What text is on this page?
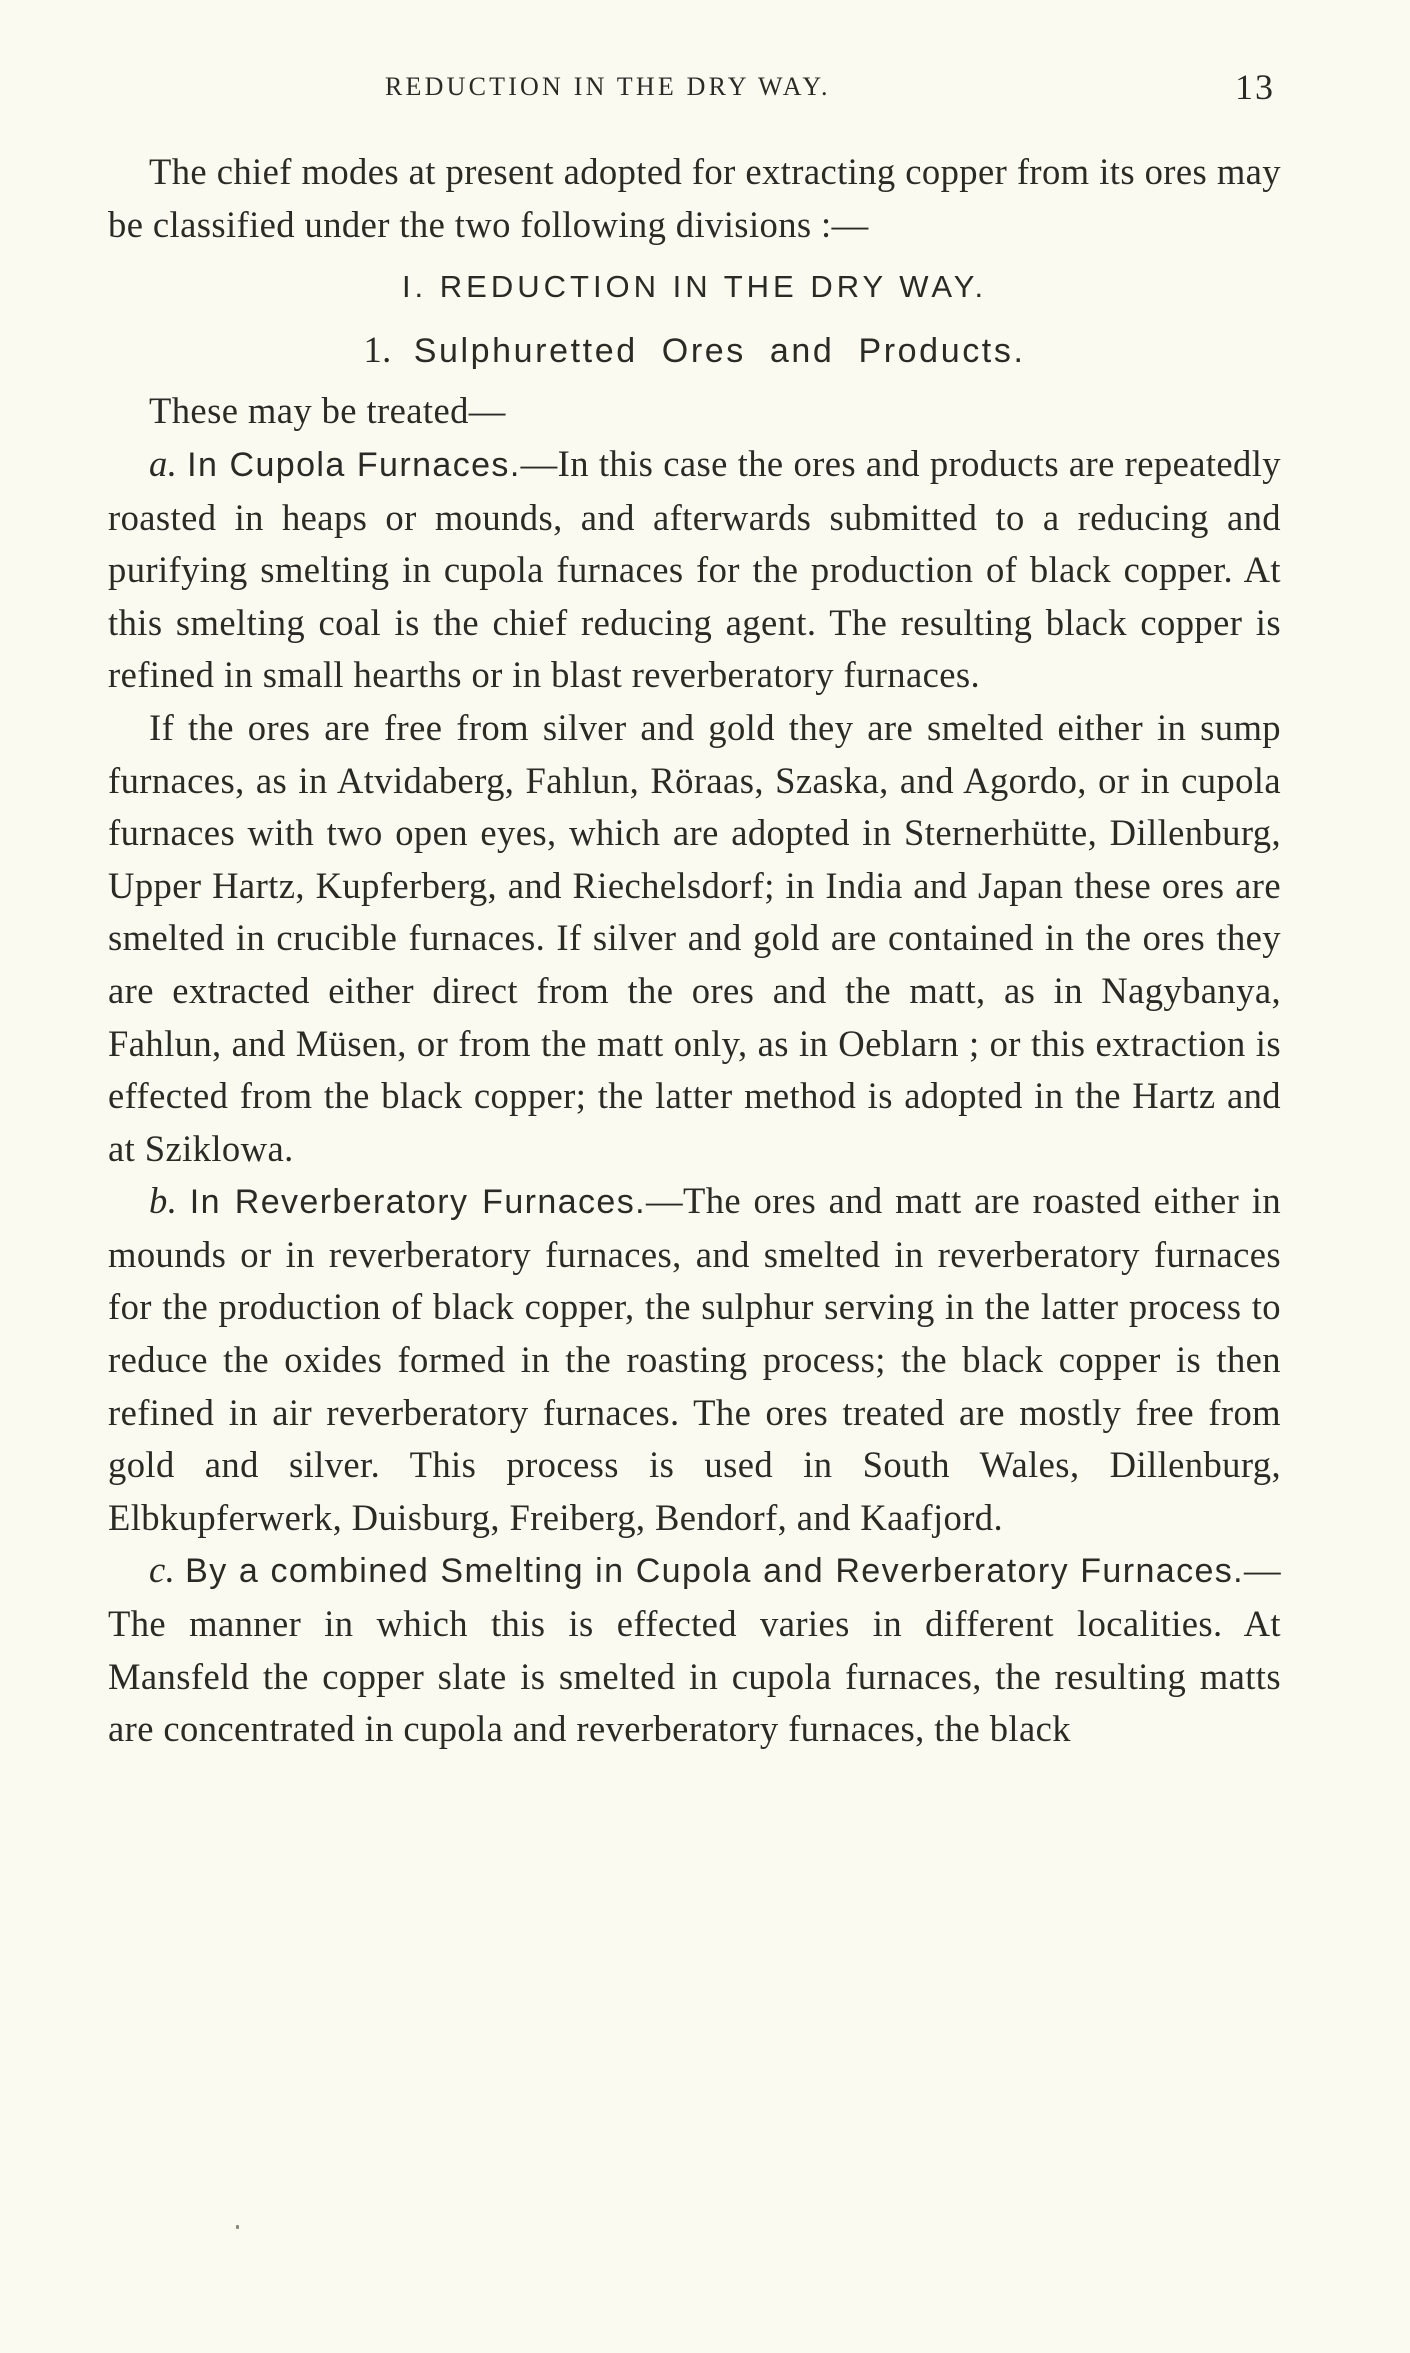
REDUCTION IN THE DRY WAY.	13

The chief modes at present adopted for extracting copper from its ores may be classified under the two following divisions :—

I. REDUCTION IN THE DRY WAY.
1. Sulphuretted Ores and Products.

These may be treated—

a. In Cupola Furnaces.—In this case the ores and products are repeatedly roasted in heaps or mounds, and afterwards submitted to a reducing and purifying smelting in cupola furnaces for the production of black copper. At this smelting coal is the chief reducing agent. The resulting black copper is refined in small hearths or in blast reverberatory furnaces.

If the ores are free from silver and gold they are smelted either in sump furnaces, as in Atvidaberg, Fahlun, Röraas, Szaska, and Agordo, or in cupola furnaces with two open eyes, which are adopted in Sternerhütte, Dillenburg, Upper Hartz, Kupferberg, and Riechelsdorf; in India and Japan these ores are smelted in crucible furnaces. If silver and gold are contained in the ores they are extracted either direct from the ores and the matt, as in Nagybanya, Fahlun, and Müsen, or from the matt only, as in Oeblarn ; or this extraction is effected from the black copper; the latter method is adopted in the Hartz and at Sziklowa.

b. In Reverberatory Furnaces.—The ores and matt are roasted either in mounds or in reverberatory furnaces, and smelted in reverberatory furnaces for the production of black copper, the sulphur serving in the latter process to reduce the oxides formed in the roasting process; the black copper is then refined in air reverberatory furnaces. The ores treated are mostly free from gold and silver. This process is used in South Wales, Dillenburg, Elbkupferwerk, Duisburg, Freiberg, Bendorf, and Kaafjord.

c. By a combined Smelting in Cupola and Reverberatory Furnaces.—The manner in which this is effected varies in different localities. At Mansfeld the copper slate is smelted in cupola furnaces, the resulting matts are concentrated in cupola and reverberatory furnaces, the black
